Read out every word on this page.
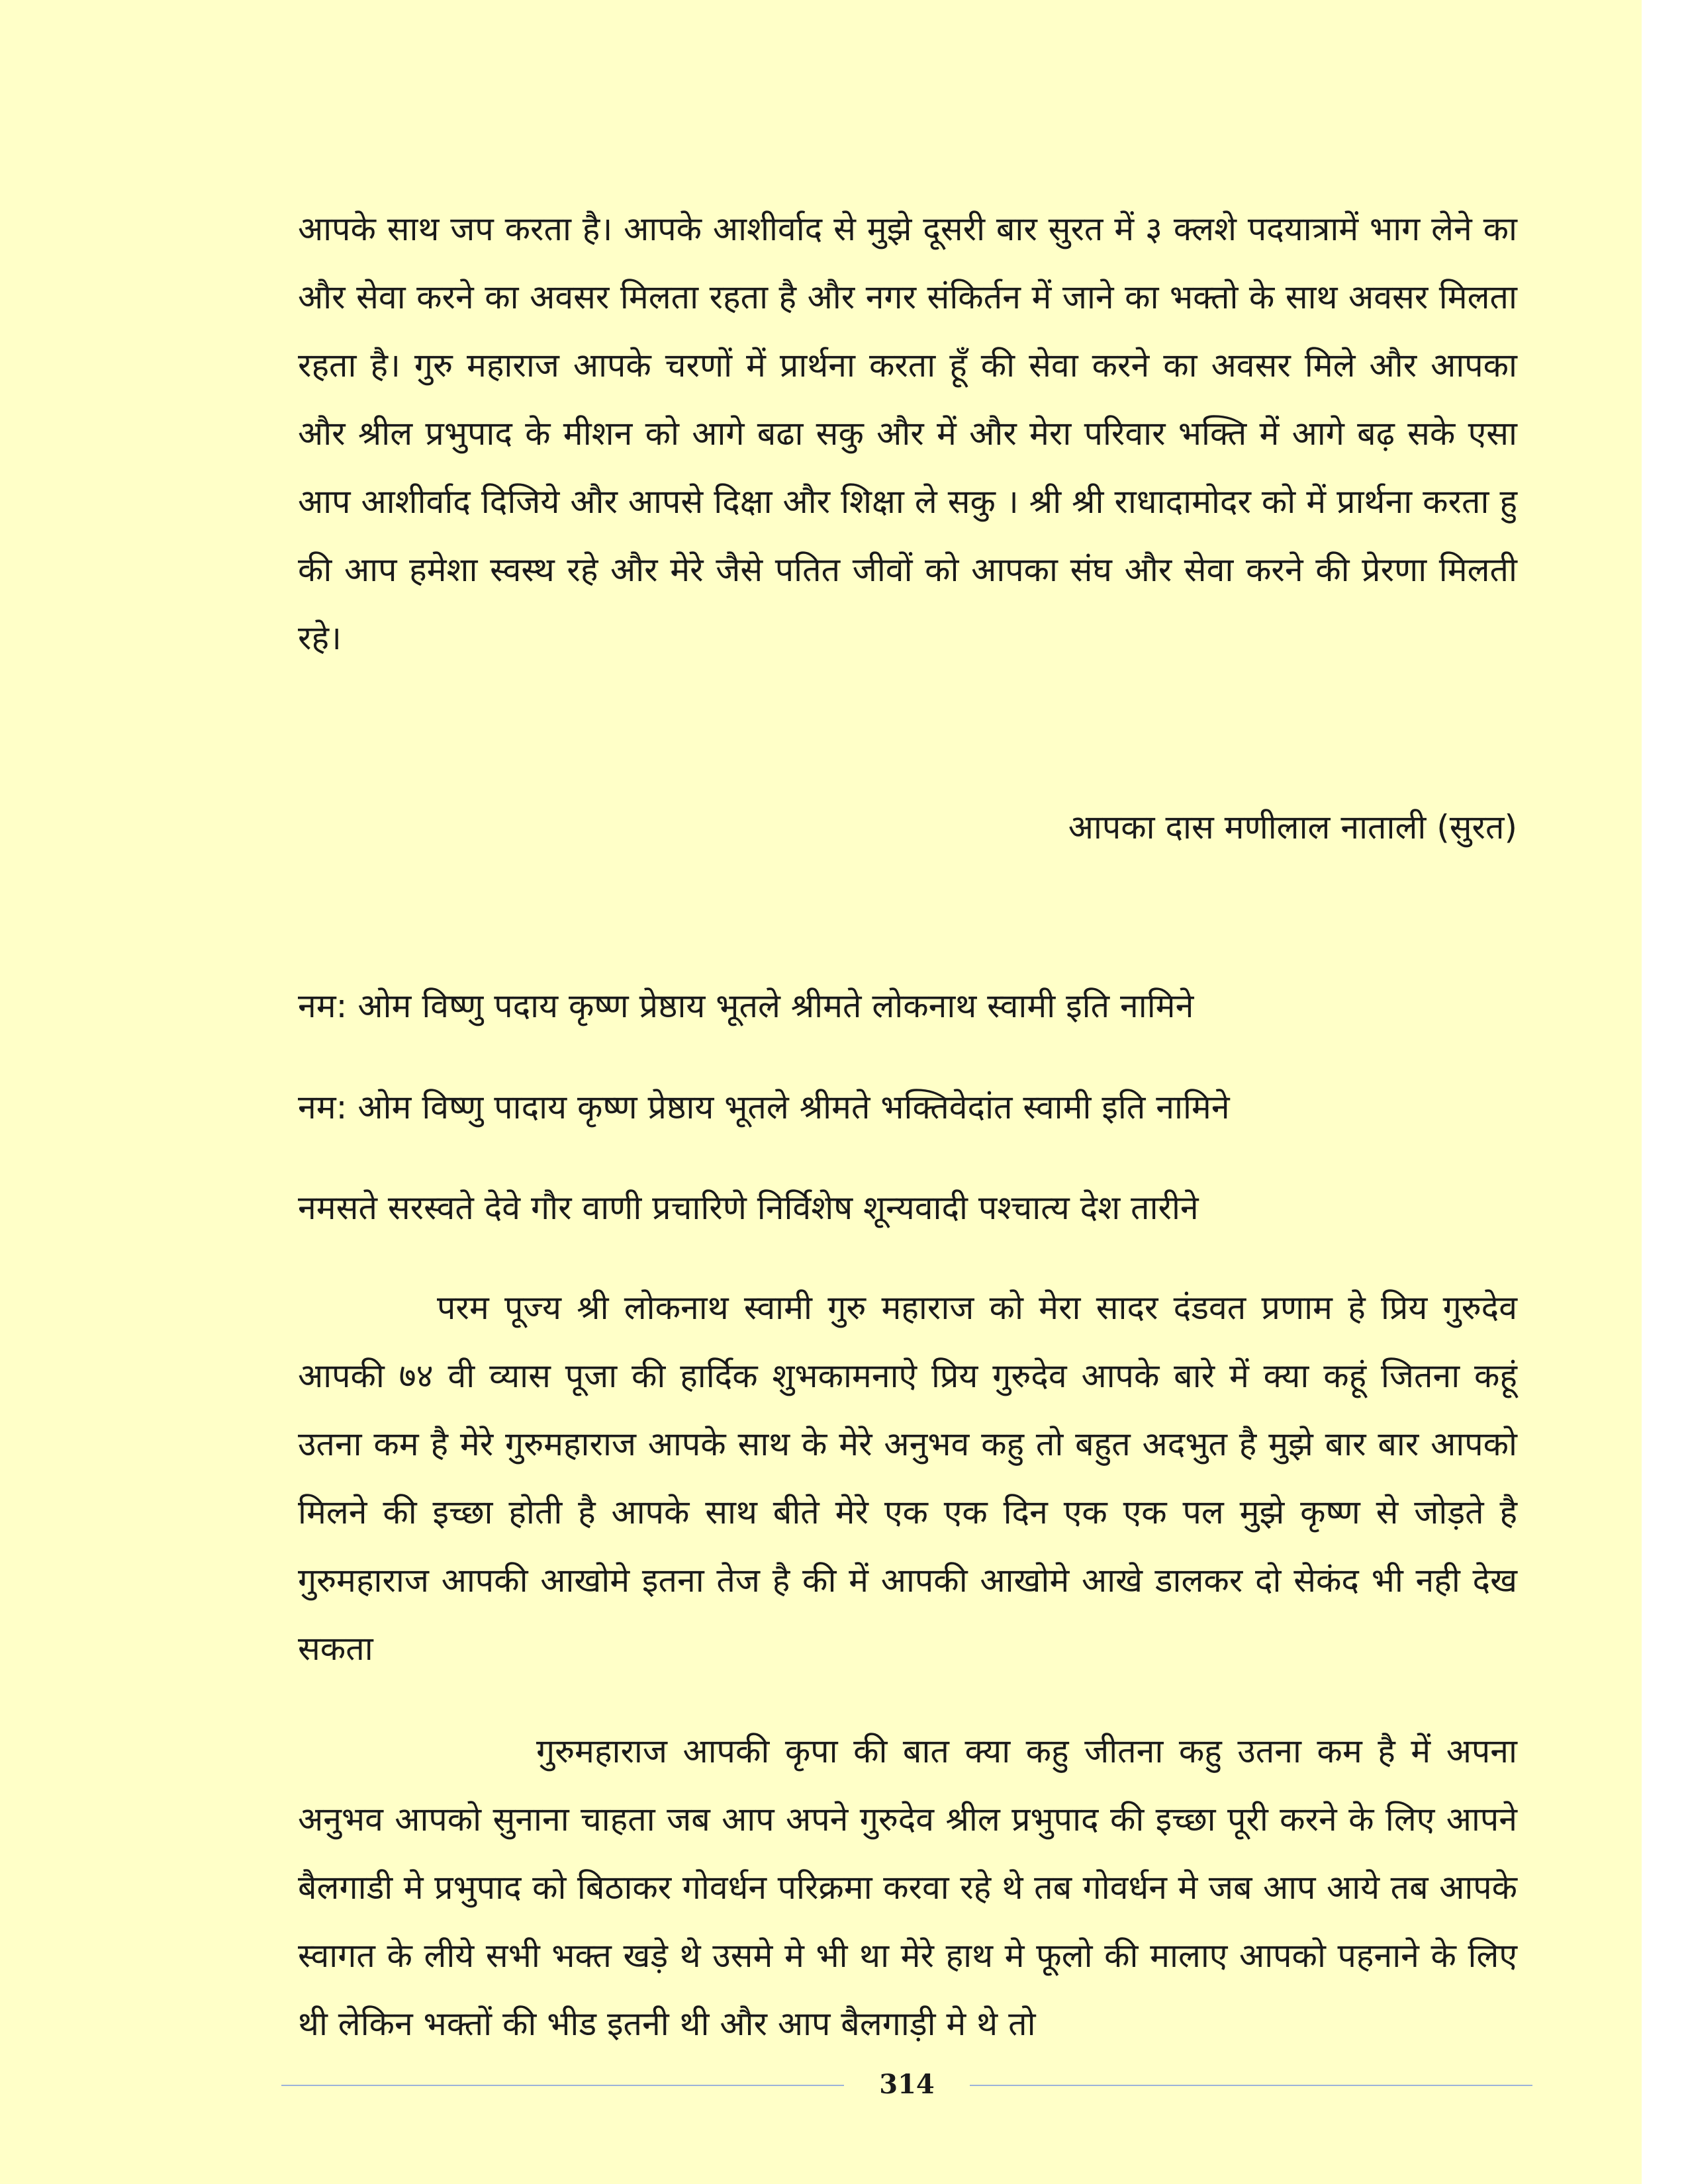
आपके साथ जप करता है। आपके आशीर्वाद से मुझे दूसरी बार सुरत में ३ क्लशे पदयात्रामें भाग लेने का और सेवा करने का अवसर मिलता रहता है और नगर संकिर्तन में जाने का भक्तो के साथ अवसर मिलता रहता है। गुरु महाराज आपके चरणों में प्रार्थना करता हूँ की सेवा करने का अवसर मिले और आपका और श्रील प्रभुपाद के मीशन को आगे बढा सकु और में और मेरा परिवार भक्ति में आगे बढ़ सके एसा आप आशीर्वाद दिजिये और आपसे दिक्षा और शिक्षा ले सकु । श्री श्री राधादामोदर को में प्रार्थना करता हु की आप हमेशा स्वस्थ रहे और मेरे जैसे पतित जीवों को आपका संघ और सेवा करने की प्रेरणा मिलती रहे।

आपका दास मणीलाल नाताली (सुरत)

नम: ओम विष्णु पदाय कृष्ण प्रेष्ठाय भूतले श्रीमते लोकनाथ स्वामी इति नामिने

नम: ओम विष्णु पादाय कृष्ण प्रेष्ठाय भूतले श्रीमते भक्तिवेदांत स्वामी इति नामिने

नमसते सरस्वते देवे गौर वाणी प्रचारिणे निर्विशेष शून्यवादी पश्चात्य देश तारीने

परम पूज्य श्री लोकनाथ स्वामी गुरु महाराज को मेरा सादर दंडवत प्रणाम हे प्रिय गुरुदेव आपकी ७४ वी व्यास पूजा की हार्दिक शुभकामनाऐ प्रिय गुरुदेव आपके बारे में क्या कहूं जितना कहूं उतना कम है मेरे गुरुमहाराज आपके साथ के मेरे अनुभव कहु तो बहुत अदभुत है मुझे बार बार आपको मिलने की इच्छा होती है आपके साथ बीते मेरे एक एक दिन एक एक पल मुझे कृष्ण से जोड़ते है गुरुमहाराज आपकी आखोमे इतना तेज है की में आपकी आखोमे आखे डालकर दो सेकंद भी नही देख सकता

गुरुमहाराज आपकी कृपा की बात क्या कहु जीतना कहु उतना कम है में अपना अनुभव आपको सुनाना चाहता जब आप अपने गुरुदेव श्रील प्रभुपाद की इच्छा पूरी करने के लिए आपने बैलगाडी मे प्रभुपाद को बिठाकर गोवर्धन परिक्रमा करवा रहे थे तब गोवर्धन मे जब आप आये तब आपके स्वागत के लीये सभी भक्त खड़े थे उसमे मे भी था मेरे हाथ मे फूलो की मालाए आपको पहनाने के लिए थी लेकिन भक्तों की भीड इतनी थी और आप बैलगाड़ी मे थे तो

314
